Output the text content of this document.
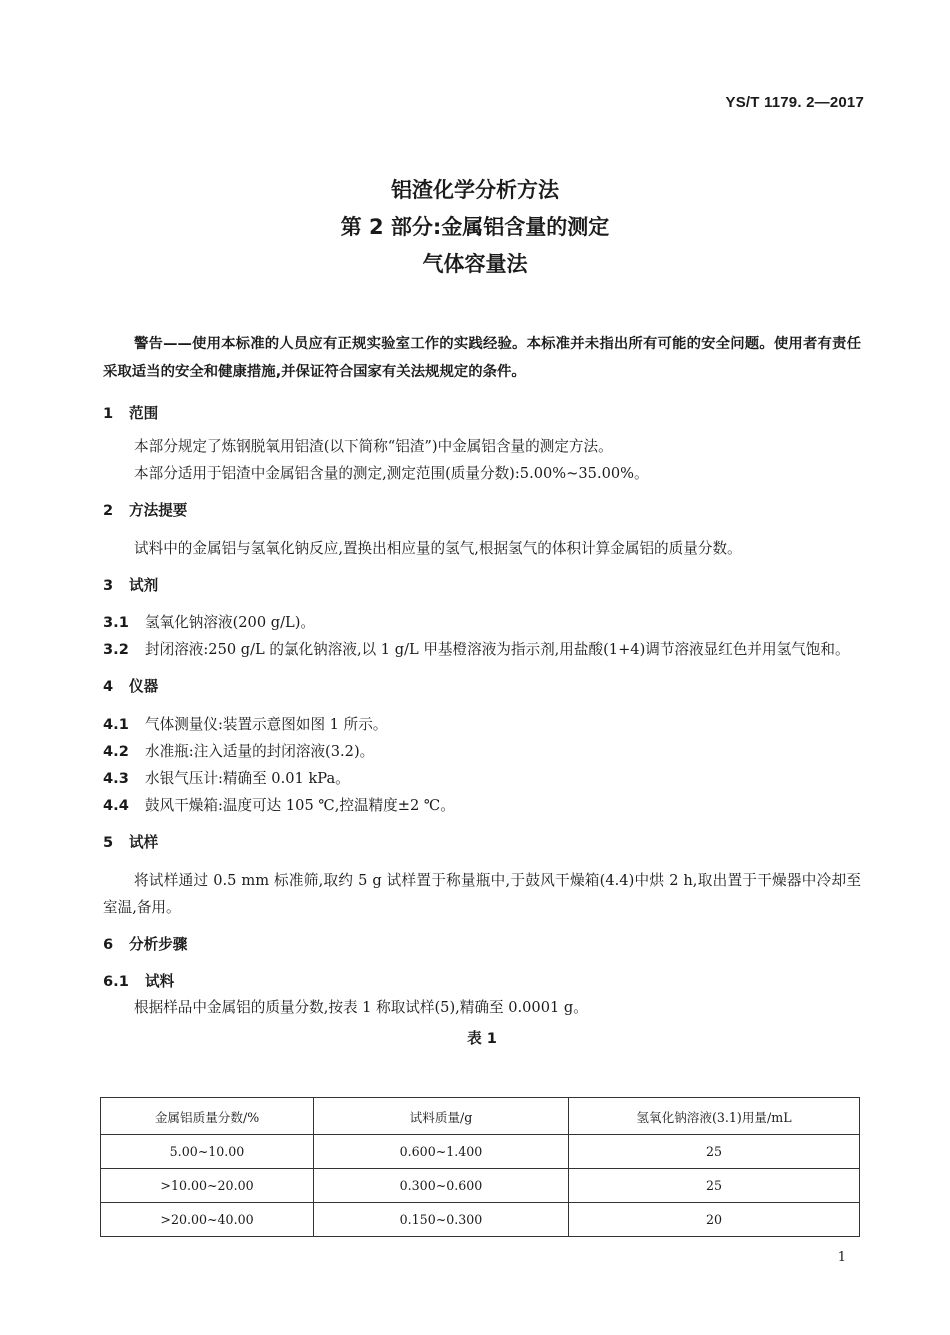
YS/T 1179. 2—2017
铝渣化学分析方法
第 2 部分:金属铝含量的测定
气体容量法

警告——使用本标准的人员应有正规实验室工作的实践经验。本标准并未指出所有可能的安全问题。使用者有责任采取适当的安全和健康措施,并保证符合国家有关法规规定的条件。

1 范围

本部分规定了炼钢脱氧用铝渣(以下简称“铝渣”)中金属铝含量的测定方法。

本部分适用于铝渣中金属铝含量的测定,测定范围(质量分数):5.00%~35.00%。

2 方法提要

试料中的金属铝与氢氧化钠反应,置换出相应量的氢气,根据氢气的体积计算金属铝的质量分数。

3 试剂

3.1 氢氧化钠溶液(200 g/L)。

3.2 封闭溶液:250 g/L 的氯化钠溶液,以 1 g/L 甲基橙溶液为指示剂,用盐酸(1+4)调节溶液显红色并用氢气饱和。

4 仪器

4.1 气体测量仪:装置示意图如图 1 所示。

4.2 水准瓶:注入适量的封闭溶液(3.2)。

4.3 水银气压计:精确至 0.01 kPa。

4.4 鼓风干燥箱:温度可达 105 ℃,控温精度±2 ℃。

5 试样

将试样通过 0.5 mm 标准筛,取约 5 g 试样置于称量瓶中,于鼓风干燥箱(4.4)中烘 2 h,取出置于干燥器中冷却至室温,备用。

6 分析步骤
6.1 试料

根据样品中金属铝的质量分数,按表 1 称取试样(5),精确至 0.0001 g。

表 1
金属铝质量分数/%	试料质量/g	氢氧化钠溶液(3.1)用量/mL
5.00~10.00	0.600~1.400	25
>10.00~20.00	0.300~0.600	25
>20.00~40.00	0.150~0.300	20
1
